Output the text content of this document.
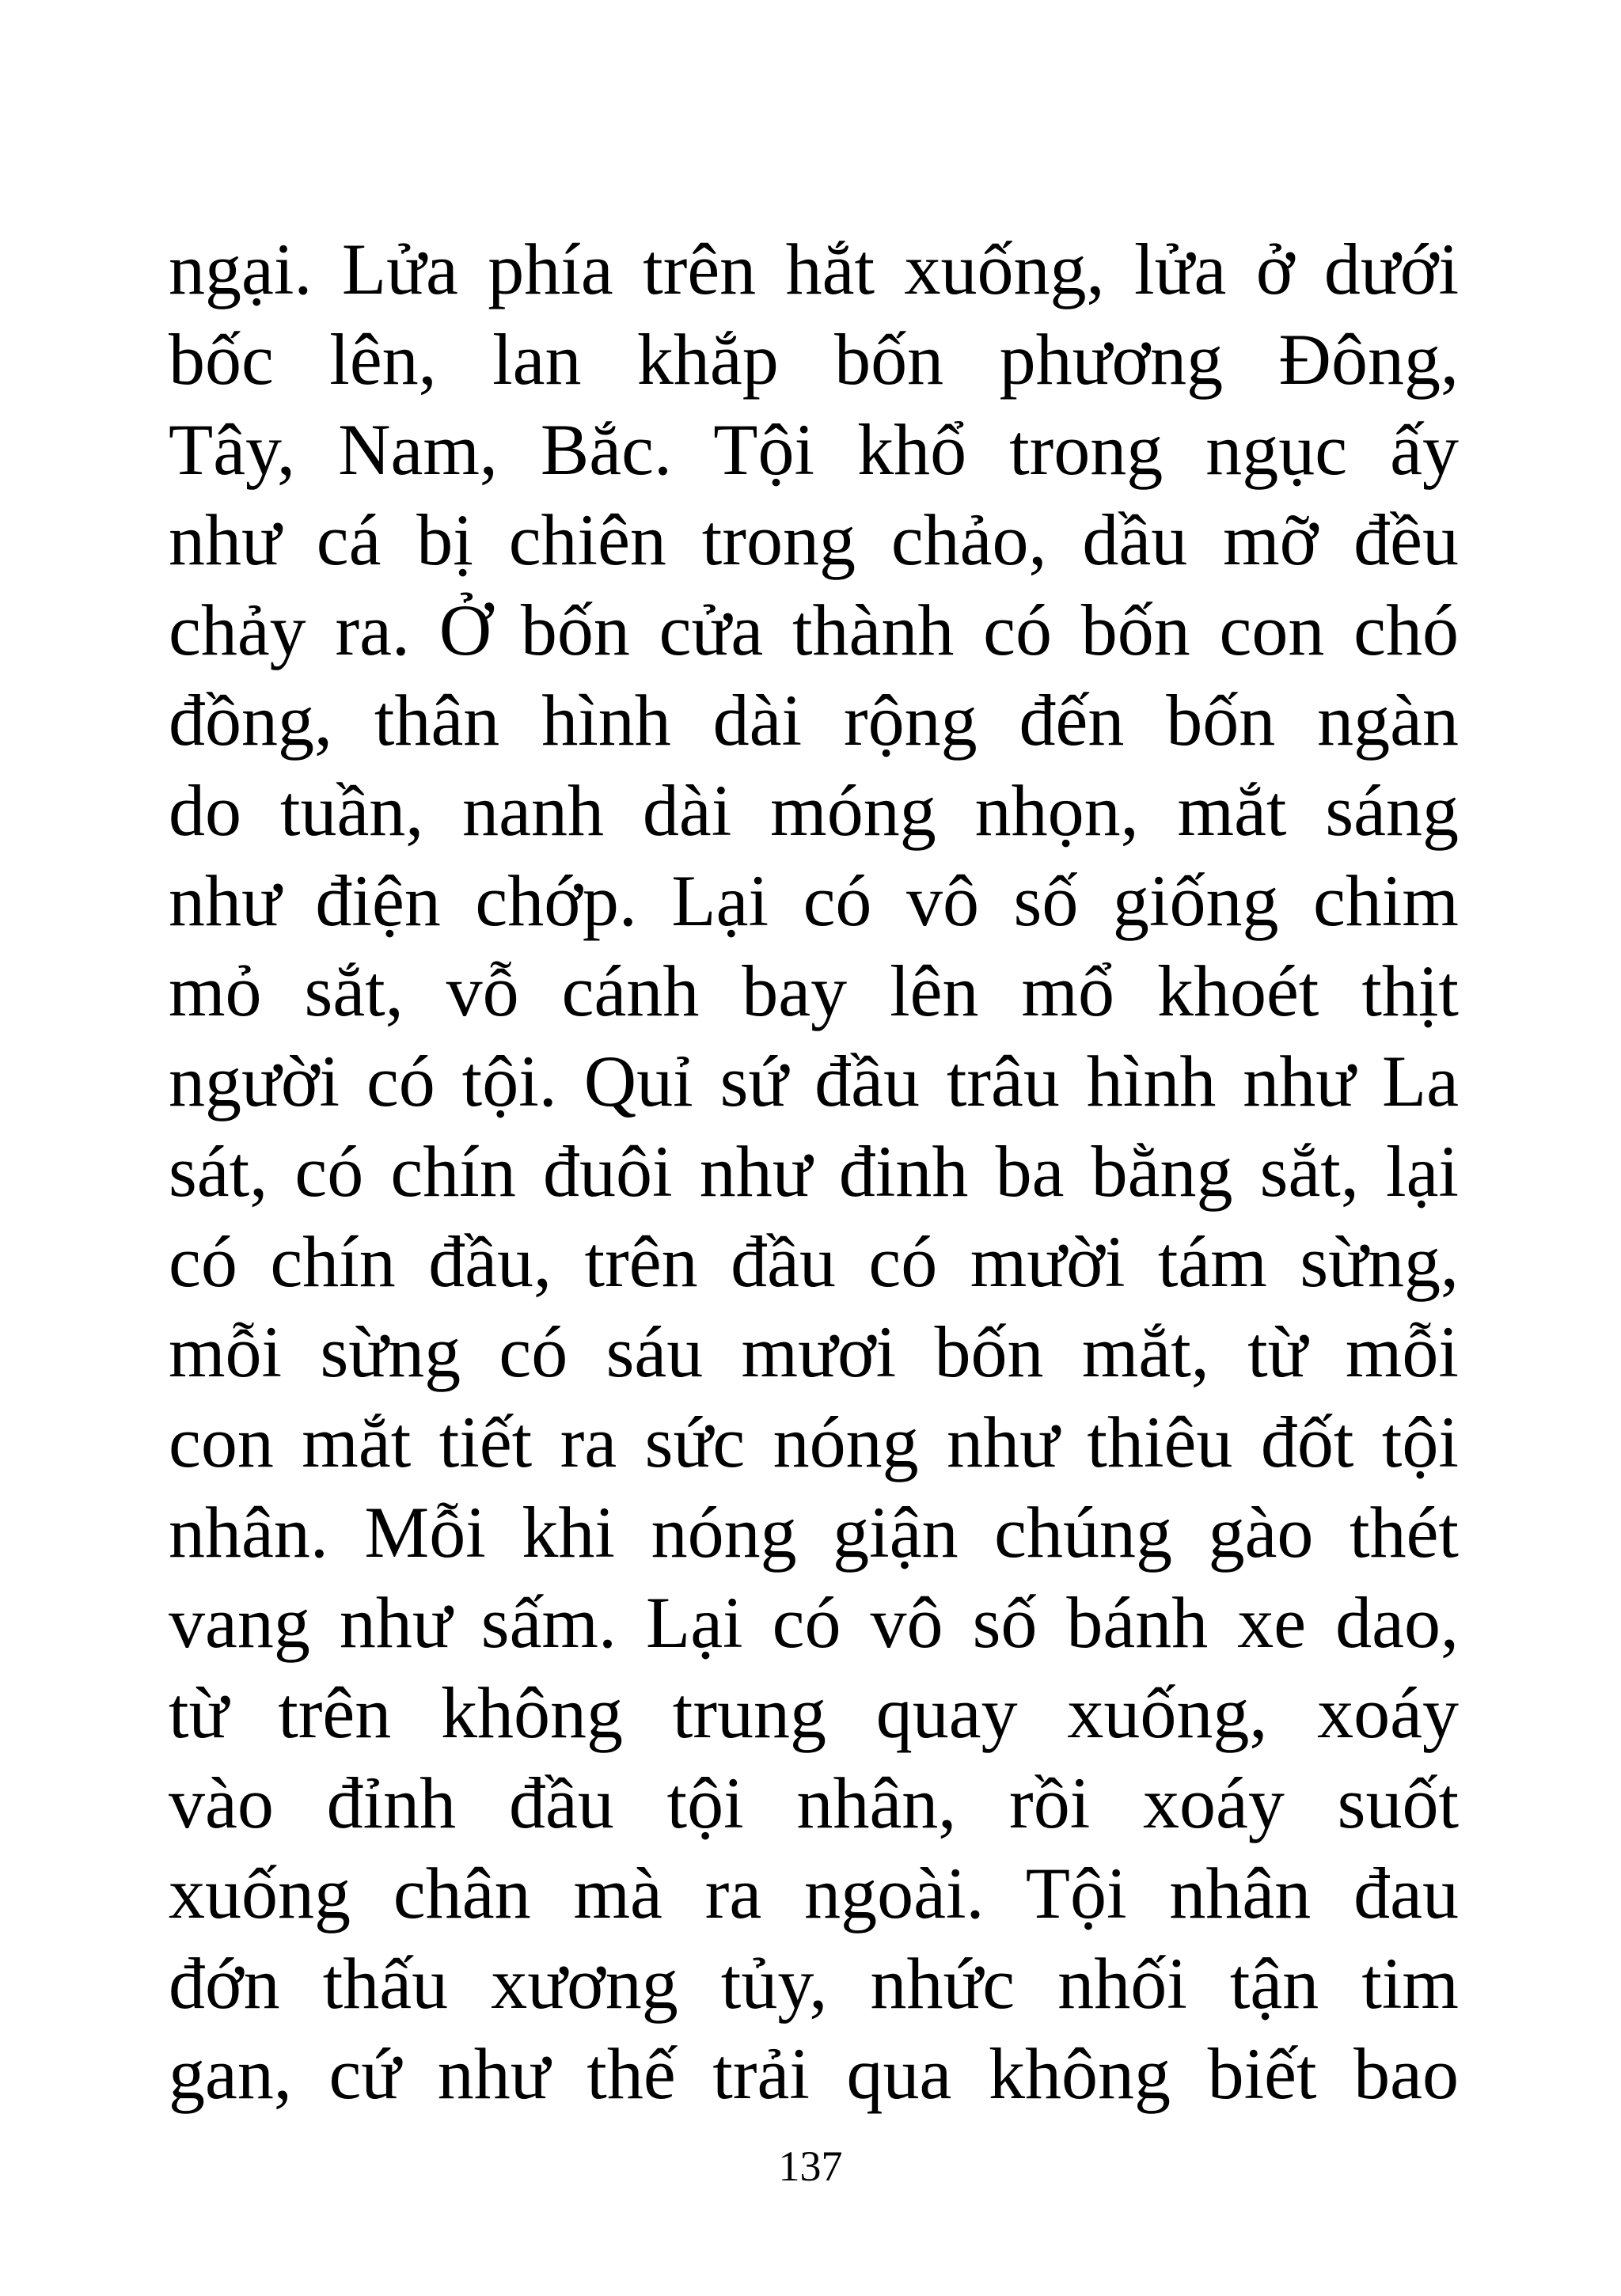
ngại. Lửa phía trên hắt xuống, lửa ở dưới
bốc lên, lan khắp bốn phương Đông,
Tây, Nam, Bắc. Tội khổ trong ngục ấy
như cá bị chiên trong chảo, dầu mỡ đều
chảy ra. Ở bốn cửa thành có bốn con chó
đồng, thân hình dài rộng đến bốn ngàn
do tuần, nanh dài móng nhọn, mắt sáng
như điện chớp. Lại có vô số giống chim
mỏ sắt, vỗ cánh bay lên mổ khoét thịt
người có tội. Quỉ sứ đầu trâu hình như La
sát, có chín đuôi như đinh ba bằng sắt, lại
có chín đầu, trên đầu có mười tám sừng,
mỗi sừng có sáu mươi bốn mắt, từ mỗi
con mắt tiết ra sức nóng như thiêu đốt tội
nhân. Mỗi khi nóng giận chúng gào thét
vang như sấm. Lại có vô số bánh xe dao,
từ trên không trung quay xuống, xoáy
vào đỉnh đầu tội nhân, rồi xoáy suốt
xuống chân mà ra ngoài. Tội nhân đau
đớn thấu xương tủy, nhức nhối tận tim
gan, cứ như thế trải qua không biết bao
137
